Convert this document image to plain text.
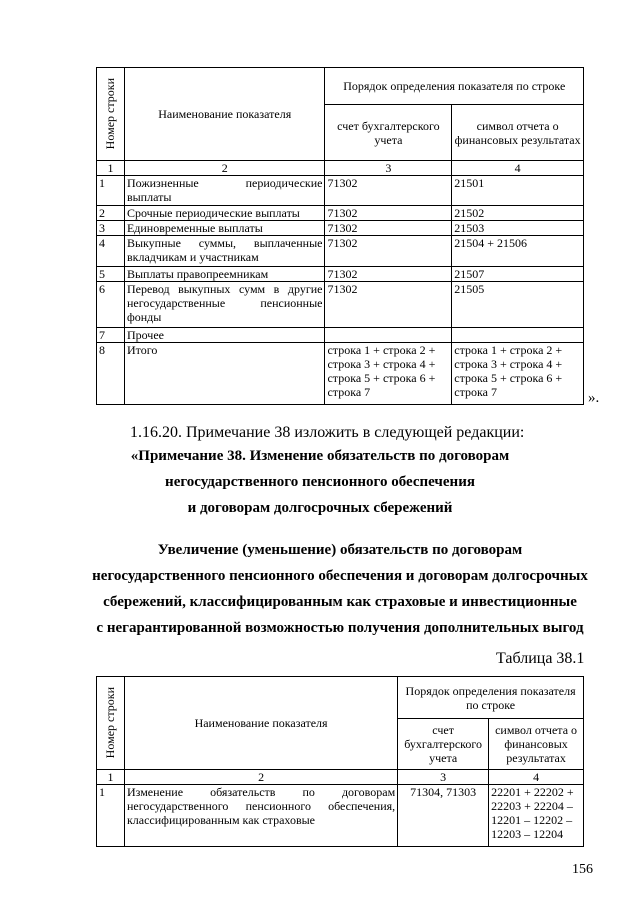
Номер строки	Наименование показателя	Порядок определения показателя по строке	
		счет бухгалтерского учета	символ отчета о финансовых результатах
1	2	3	4
1	Пожизненные периодические выплаты	71302	21501
2	Срочные периодические выплаты	71302	21502
3	Единовременные выплаты	71302	21503
4	Выкупные суммы, выплаченные вкладчикам и участникам	71302	21504 + 21506
5	Выплаты правопреемникам	71302	21507
6	Перевод выкупных сумм в другие негосударственные пенсионные фонды	71302	21505
7	Прочее		
8	Итого	строка 1 + строка 2 + строка 3 + строка 4 + строка 5 + строка 6 + строка 7	строка 1 + строка 2 + строка 3 + строка 4 + строка 5 + строка 6 + строка 7	».
1.16.20. Примечание 38 изложить в следующей редакции:
«Примечание 38. Изменение обязательств по договорам
негосударственного пенсионного обеспечения
и договорам долгосрочных сбережений
Увеличение (уменьшение) обязательств по договорам
негосударственного пенсионного обеспечения и договорам долгосрочных
сбережений, классифицированным как страховые и инвестиционные
с негарантированной возможностью получения дополнительных выгод
Таблица 38.1
Номер строки	Наименование показателя	Порядок определения показателя по строке	
		счет бухгалтерского учета	символ отчета о финансовых результатах
1	2	3	4
1	Изменение обязательств по договорам негосударственного пенсионного обеспечения, классифицированным как страховые	71304, 71303	22201 + 22202 + 22203 + 22204 – 12201 – 12202 – 12203 – 12204
156
